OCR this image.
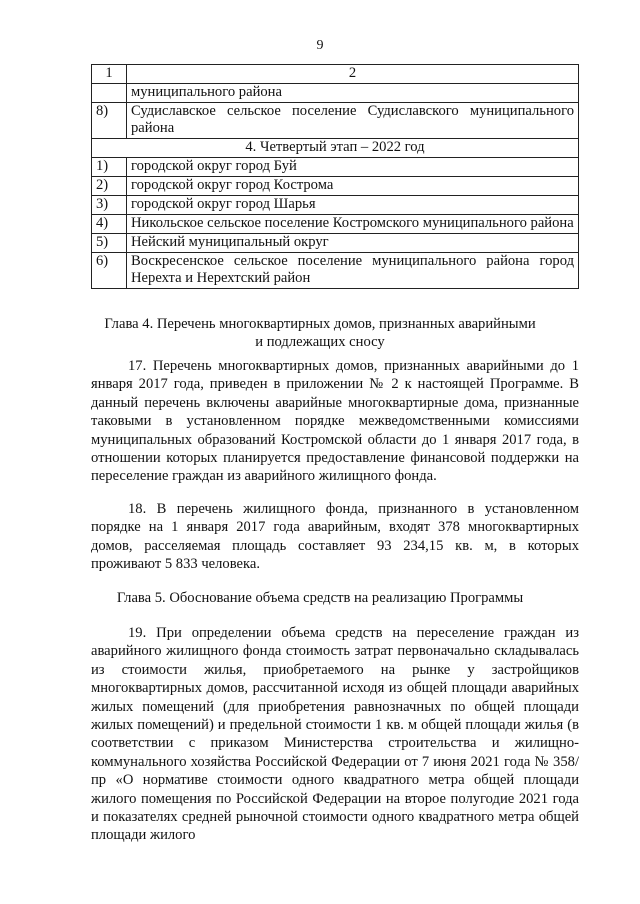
9
1	2
	муниципального района
8)	Судиславское сельское поселение Судиславского муниципального района
4. Четвертый этап – 2022 год	
1)	городской округ город Буй
2)	городской округ город Кострома
3)	городской округ город Шарья
4)	Никольское сельское поселение Костромского муниципального района
5)	Нейский муниципальный округ
6)	Воскресенское сельское поселение муниципального района город Нерехта и Нерехтский район
Глава 4. Перечень многоквартирных домов, признанных аварийными
и подлежащих сносу

17. Перечень многоквартирных домов, признанных аварийными до 1 января 2017 года, приведен в приложении № 2 к настоящей Программе. В данный перечень включены аварийные многоквартирные дома, признанные таковыми в установленном порядке межведомственными комиссиями муниципальных образований Костромской области до 1 января 2017 года, в отношении которых планируется предоставление финансовой поддержки на переселение граждан из аварийного жилищного фонда.

18. В перечень жилищного фонда, признанного в установленном порядке на 1 января 2017 года аварийным, входят 378 многоквартирных домов, расселяемая площадь составляет 93 234,15 кв. м, в которых проживают 5 833 человека.

Глава 5. Обоснование объема средств на реализацию Программы

19. При определении объема средств на переселение граждан из аварийного жилищного фонда стоимость затрат первоначально складывалась из стоимости жилья, приобретаемого на рынке у застройщиков многоквартирных домов, рассчитанной исходя из общей площади аварийных жилых помещений (для приобретения равнозначных по общей площади жилых помещений) и предельной стоимости 1 кв. м общей площади жилья (в соответствии с приказом Министерства строительства и жилищно-коммунального хозяйства Российской Федерации от 7 июня 2021 года № 358/пр «О нормативе стоимости одного квадратного метра общей площади жилого помещения по Российской Федерации на второе полугодие 2021 года и показателях средней рыночной стоимости одного квадратного метра общей площади жилого
